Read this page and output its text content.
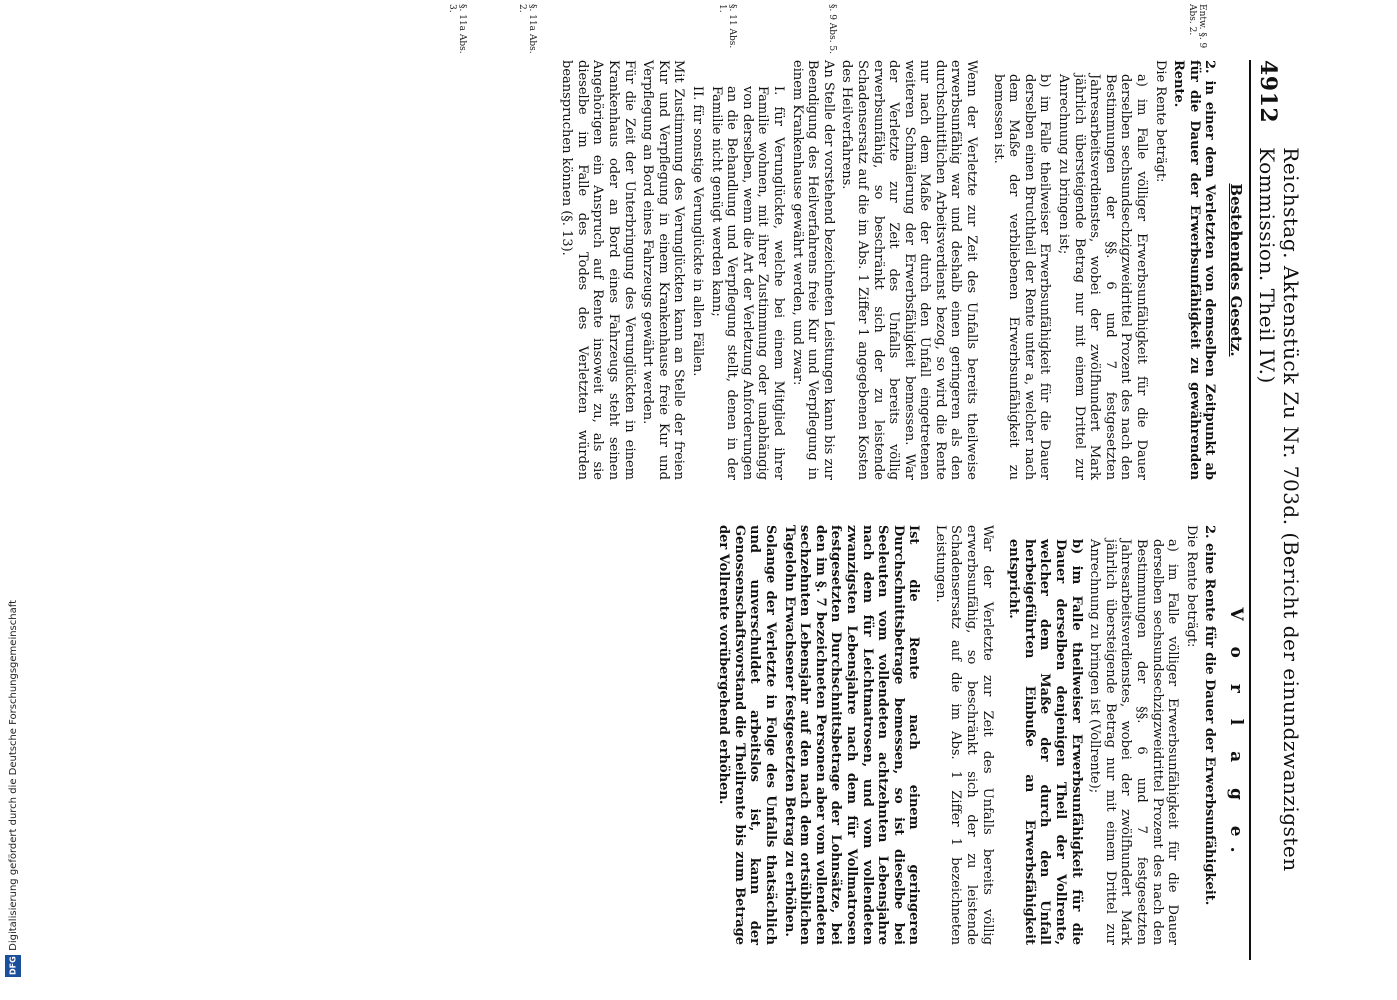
4912
Reichstag. Aktenstück Zu Nr. 703d. (Bericht der einundzwanzigsten Kommission. Theil IV.)
Entw. §. 9 Abs. 2.
§. 9 Abs. 5.
§. 11 Abs. 1.
§. 11a Abs. 2.
§. 11a Abs. 3.
Bestehendes Gesetz.

2. in einer dem Verletzten von demselben Zeitpunkt ab für die Dauer der Erwerbsunfähigkeit zu gewährenden Rente.

Die Rente beträgt:

a) im Falle völliger Erwerbsunfähigkeit für die Dauer derselben sechsundsechzigzweidrittel Prozent des nach den Bestimmungen der §§. 6 und 7 festgesetzten Jahresarbeitsverdienstes, wobei der zwölfhundert Mark jährlich übersteigende Betrag nur mit einem Drittel zur Anrechnung zu bringen ist;

b) im Falle theilweiser Erwerbsunfähigkeit für die Dauer derselben einen Bruchtheil der Rente unter a, welcher nach dem Maße der verbliebenen Erwerbsunfähigkeit zu bemessen ist.

Wenn der Verletzte zur Zeit des Unfalls bereits theilweise erwerbsunfähig war und deshalb einen geringeren als den durchschnittlichen Arbeitsverdienst bezog, so wird die Rente nur nach dem Maße der durch den Unfall eingetretenen weiteren Schmälerung der Erwerbsfähigkeit bemessen. War der Verletzte zur Zeit des Unfalls bereits völlig erwerbsunfähig, so beschränkt sich der zu leistende Schadensersatz auf die im Abs. 1 Ziffer 1 angegebenen Kosten des Heilverfahrens.

An Stelle der vorstehend bezeichneten Leistungen kann bis zur Beendigung des Heilverfahrens freie Kur und Verpflegung in einem Krankenhause gewährt werden, und zwar:

I. für Verunglückte, welche bei einem Mitglied ihrer Familie wohnen, mit ihrer Zustimmung oder unabhängig von derselben, wenn die Art der Verletzung Anforderungen an die Behandlung und Verpflegung stellt, denen in der Familie nicht genügt werden kann;

II. für sonstige Verunglückte in allen Fällen.

Mit Zustimmung des Verunglückten kann an Stelle der freien Kur und Verpflegung in einem Krankenhause freie Kur und Verpflegung an Bord eines Fahrzeugs gewährt werden.

Für die Zeit der Unterbringung des Verunglückten in einem Krankenhaus oder an Bord eines Fahrzeugs steht seinen Angehörigen ein Anspruch auf Rente insoweit zu, als sie dieselbe im Falle des Todes des Verletzten würden beanspruchen können (§. 13).

V o r l a g e.

2. eine Rente für die Dauer der Erwerbsunfähigkeit.

Die Rente beträgt:

a) im Falle völliger Erwerbsunfähigkeit für die Dauer derselben sechsundsechzigzweidrittel Prozent des nach den Bestimmungen der §§. 6 und 7 festgesetzten Jahresarbeitsverdienstes, wobei der zwölfhundert Mark jährlich übersteigende Betrag nur mit einem Drittel zur Anrechnung zu bringen ist (Vollrente);

b) im Falle theilweiser Erwerbsunfähigkeit für die Dauer derselben denjenigen Theil der Vollrente, welcher dem Maße der durch den Unfall herbeigeführten Einbuße an Erwerbsfähigkeit entspricht.

War der Verletzte zur Zeit des Unfalls bereits völlig erwerbsunfähig, so beschränkt sich der zu leistende Schadensersatz auf die im Abs. 1 Ziffer 1 bezeichneten Leistungen.

Ist die Rente nach einem geringeren Durchschnittsbetrage bemessen, so ist dieselbe bei Seeleuten vom vollendeten achtzehnten Lebensjahre nach dem für Leichtmatrosen, und vom vollendeten zwanzigsten Lebensjahre nach dem für Vollmatrosen festgesetzten Durchschnittsbetrage der Lohnsätze, bei den im §. 7 bezeichneten Personen aber vom vollendeten sechzehnten Lebensjahr auf den nach dem ortsüblichen Tagelohn Erwachsener festgesetzten Betrag zu erhöhen.

Solange der Verletzte in Folge des Unfalls thatsächlich und unverschuldet arbeitslos ist, kann der Genossenschaftsvorstand die Theilrente bis zum Betrage der Vollrente vorübergehend erhöhen.

Digitalisierung gefördert durch die Deutsche Forschungsgemeinschaft
DFG
